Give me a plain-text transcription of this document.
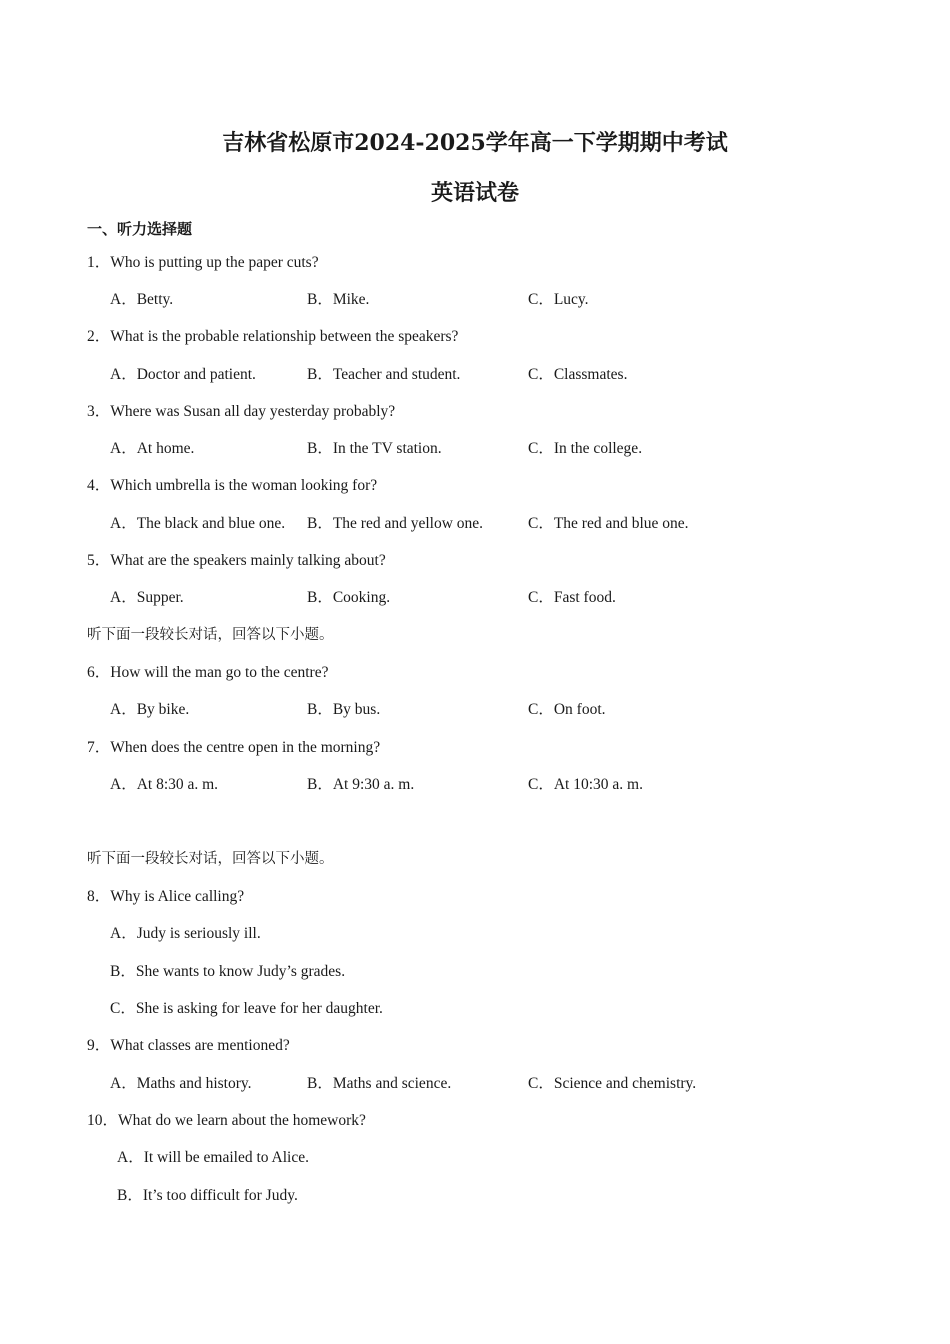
吉林省松原市2024-2025学年高一下学期期中考试
英语试卷
一、听力选择题
1．Who is putting up the paper cuts?
A．Betty.	B．Mike.	C．Lucy.
2．What is the probable relationship between the speakers?
A．Doctor and patient.	B．Teacher and student.	C．Classmates.
3．Where was Susan all day yesterday probably?
A．At home.	B．In the TV station.	C．In the college.
4．Which umbrella is the woman looking for?
A．The black and blue one. B．The red and yellow one.	C．The red and blue one.
5．What are the speakers mainly talking about?
A．Supper.	B．Cooking.	C．Fast food.
听下面一段较长对话，回答以下小题。
6．How will the man go to the centre?
A．By bike.	B．By bus.	C．On foot.
7．When does the centre open in the morning?
A．At 8:30 a. m.	B．At 9:30 a. m.	C．At 10:30 a. m.
听下面一段较长对话，回答以下小题。
8．Why is Alice calling?
A．Judy is seriously ill.
B．She wants to know Judy’s grades.
C．She is asking for leave for her daughter.
9．What classes are mentioned?
A．Maths and history.	B．Maths and science.	C．Science and chemistry.
10．What do we learn about the homework?
A．It will be emailed to Alice.
B．It’s too difficult for Judy.
